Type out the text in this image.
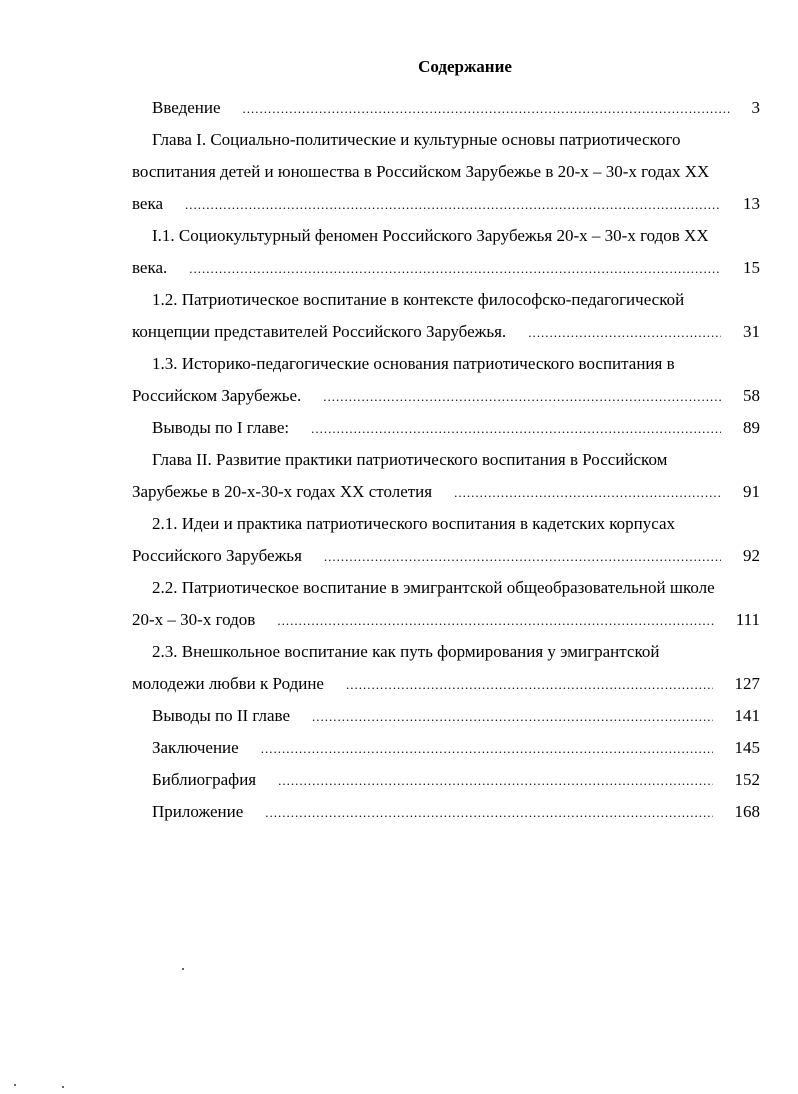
Содержание
Введение .....	3
Глава I. Социально-политические и культурные основы патриотического
воспитания детей и юношества в Российском Зарубежье в 20-х – 30-х годах XX
века .....	13
I.1. Социокультурный феномен Российского Зарубежья 20-х – 30-х годов XX
века. .....	15
1.2. Патриотическое воспитание в контексте философско-педагогической
концепции представителей Российского Зарубежья. .....	31
1.3. Историко-педагогические основания патриотического воспитания в
Российском Зарубежье. .....	58
Выводы по I главе: .....	89
Глава II. Развитие практики патриотического воспитания в Российском
Зарубежье в 20-х-30-х годах XX столетия .....	91
2.1. Идеи и практика патриотического воспитания в кадетских корпусах
Российского Зарубежья .....	92
2.2. Патриотическое воспитание в эмигрантской общеобразовательной школе
20-х – 30-х годов .....	111
2.3. Внешкольное воспитание как путь формирования у эмигрантской
молодежи любви к Родине .....	127
Выводы по II главе .....	141
Заключение .....	145
Библиография .....	152
Приложение .....	168
